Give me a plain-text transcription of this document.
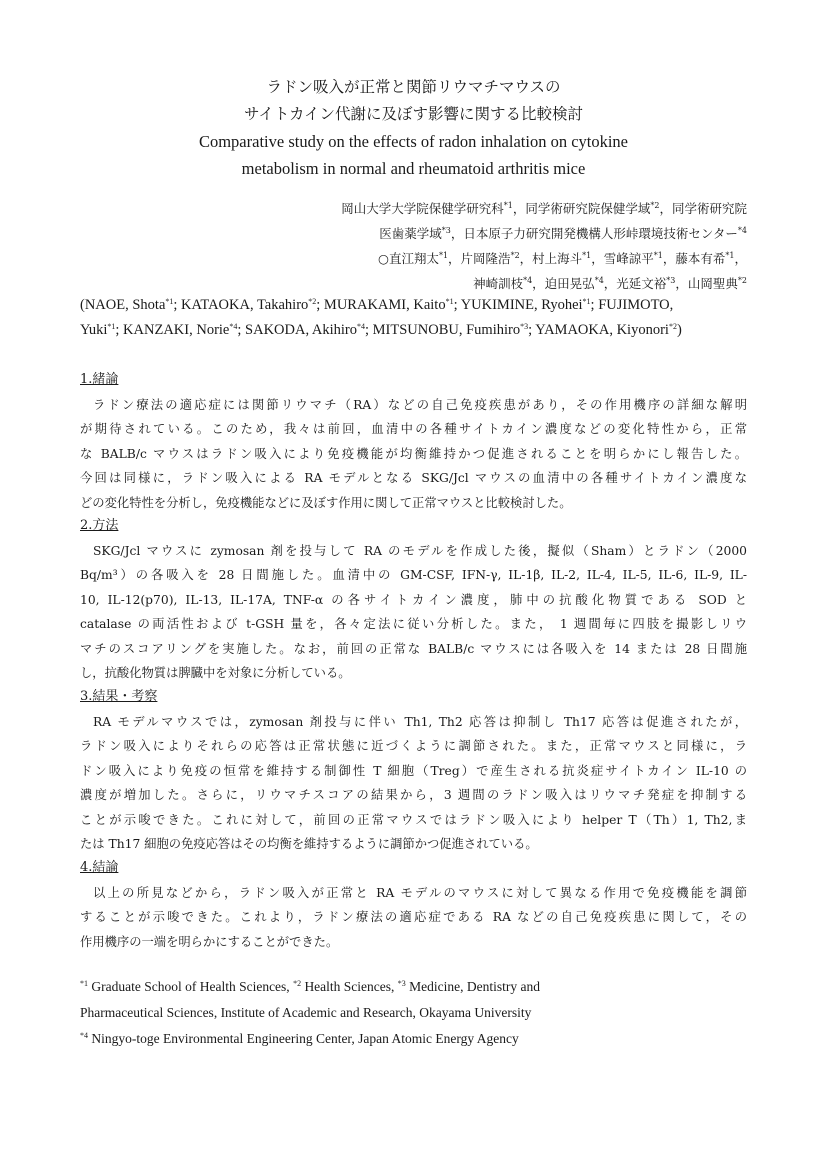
ラドン吸入が正常と関節リウマチマウスの
サイトカイン代謝に及ぼす影響に関する比較検討
Comparative study on the effects of radon inhalation on cytokine
metabolism in normal and rheumatoid arthritis mice
岡山大学大学院保健学研究科$^{*1}$，同学術研究院保健学域$^{*2}$，同学術研究院
医歯薬学域$^{*3}$，日本原子力研究開発機構人形峠環境技術センター$^{*4}$
○直江翔太$^{*1}$，片岡隆浩$^{*2}$，村上海斗$^{*1}$，雪峰諒平$^{*1}$，藤本有希$^{*1}$，
神崎訓枝$^{*4}$，迫田晃弘$^{*4}$，光延文裕$^{*3}$，山岡聖典$^{*2}$
(NAOE, Shota$^{*1}$; KATAOKA, Takahiro$^{*2}$; MURAKAMI, Kaito$^{*1}$; YUKIMINE, Ryohei$^{*1}$; FUJIMOTO,
Yuki$^{*1}$; KANZAKI, Norie$^{*4}$; SAKODA, Akihiro$^{*4}$; MITSUNOBU, Fumihiro$^{*3}$; YAMAOKA, Kiyonori$^{*2}$)
1.緒論
ラドン療法の適応症には関節リウマチ（RA）などの自己免疫疾患があり，その作用機序の詳細な解明
が期待されている。このため，我々は前回，血清中の各種サイトカイン濃度などの変化特性から，正常
な BALB/c マウスはラドン吸入により免疫機能が均衡維持かつ促進されることを明らかにし報告した。
今回は同様に，ラドン吸入による RA モデルとなる SKG/Jcl マウスの血清中の各種サイトカイン濃度な
どの変化特性を分析し，免疫機能などに及ぼす作用に関して正常マウスと比較検討した。
2.方法
SKG/Jcl マウスに zymosan 剤を投与して RA のモデルを作成した後，擬似（Sham）とラドン（2000
Bq/m³）の各吸入を 28 日間施した。血清中の GM-CSF, IFN-γ, IL-1β, IL-2, IL-4, IL-5, IL-6, IL-9, IL-
10, IL-12(p70), IL-13, IL-17A, TNF-α の各サイトカイン濃度，肺中の抗酸化物質である SOD と
catalase の両活性および t-GSH 量を，各々定法に従い分析した。また， 1 週間毎に四肢を撮影しリウ
マチのスコアリングを実施した。なお，前回の正常な BALB/c マウスには各吸入を 14 または 28 日間施
し，抗酸化物質は脾臓中を対象に分析している。
3.結果・考察
RA モデルマウスでは，zymosan 剤投与に伴い Th1, Th2 応答は抑制し Th17 応答は促進されたが，
ラドン吸入によりそれらの応答は正常状態に近づくように調節された。また，正常マウスと同様に，ラ
ドン吸入により免疫の恒常を維持する制御性 T 細胞（Treg）で産生される抗炎症サイトカイン IL-10 の
濃度が増加した。さらに，リウマチスコアの結果から，3 週間のラドン吸入はリウマチ発症を抑制する
ことが示唆できた。これに対して，前回の正常マウスではラドン吸入により helper T（Th）1, Th2,ま
たは Th17 細胞の免疫応答はその均衡を維持するように調節かつ促進されている。
4.結論
以上の所見などから，ラドン吸入が正常と RA モデルのマウスに対して異なる作用で免疫機能を調節
することが示唆できた。これより，ラドン療法の適応症である RA などの自己免疫疾患に関して，その
作用機序の一端を明らかにすることができた。
$^{*1}$ Graduate School of Health Sciences, $^{*2}$ Health Sciences, $^{*3}$ Medicine, Dentistry and
Pharmaceutical Sciences, Institute of Academic and Research, Okayama University
$^{*4}$ Ningyo-toge Environmental Engineering Center, Japan Atomic Energy Agency
